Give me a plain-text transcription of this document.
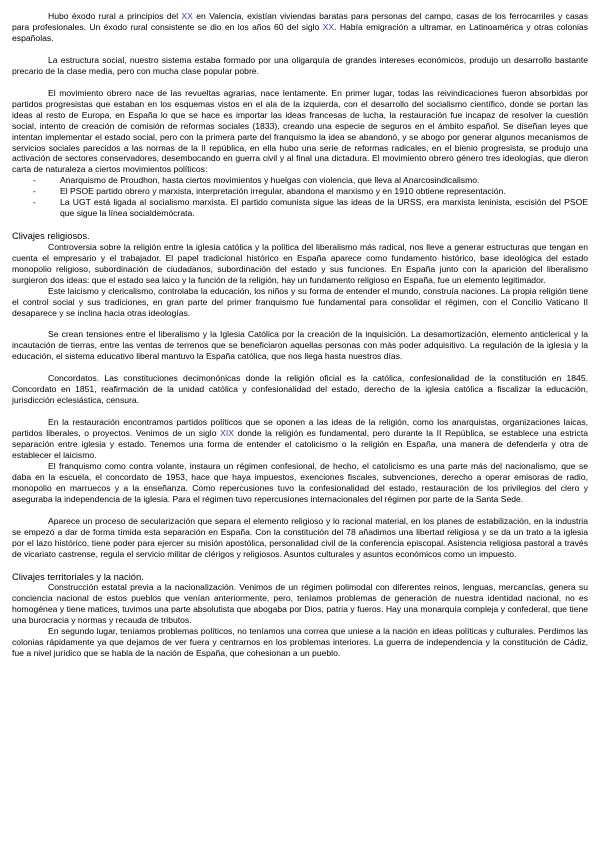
Hubo éxodo rural a principios del XX en Valencia, existían viviendas baratas para personas del campo, casas de los ferrocarriles y casas para profesionales. Un éxodo rural consistente se dio en los años 60 del siglo XX. Había emigración a ultramar, en Latinoamérica y otras colonias españolas.

La estructura social, nuestro sistema estaba formado por una oligarquía de grandes intereses económicos, produjo un desarrollo bastante precario de la clase media, pero con mucha clase popular pobre.

El movimiento obrero nace de las revueltas agrarias, nace lentamente. En primer lugar, todas las reivindicaciones fueron absorbidas por partidos progresistas que estaban en los esquemas vistos en el ala de la izquierda, con el desarrollo del socialismo científico, donde se portan las ideas al resto de Europa, en España lo que se hace es importar las ideas francesas de lucha, la restauración fue incapaz de resolver la cuestión social, intento de creación de comisión de reformas sociales (1833), creando una especie de seguros en el ámbito español. Se diseñan leyes que intentan implementar el estado social, pero con la primera parte del franquismo la idea se abandonó, y se abogo por generar algunos mecanismos de servicios sociales parecidos a las normas de la II república, en ella hubo una serie de reformas radicales, en el bienio progresista, se produjo una activación de sectores conservadores, desembocando en guerra civil y al final una dictadura. El movimiento obrero género tres ideologías, que dieron carta de naturaleza a ciertos movimientos políticos:

-	Anarquismo de Proudhon, hasta ciertos movimientos y huelgas con violencia, que lleva al Anarcosindicalismo.
-	El PSOE partido obrero y marxista, interpretación irregular, abandona el marxismo y en 1910 obtiene representación.
-	La UGT está ligada al socialismo marxista. El partido comunista sigue las ideas de la URSS, era marxista leninista, escisión del PSOE que sigue la línea socialdemócrata.

Clivajes religiosos.

Controversia sobre la religión entre la iglesia católica y la política del liberalismo más radical, nos lleve a generar estructuras que tengan en cuenta el empresario y el trabajador. El papel tradicional histórico en España aparece como fundamento histórico, base ideológica del estado monopolio religioso, subordinación de ciudadanos, subordinación del estado y sus funciones. En España junto con la aparición del liberalismo surgieron dos ideas: que el estado sea laico y la función de la religión, hay un fundamento religioso en España, fue un elemento legitimador.

Este laicismo y clericalismo, controlaba la educación, los niños y su forma de entender el mundo, construía naciones. La propia religión tiene el control social y sus tradiciones, en gran parte del primer franquismo fue fundamental para consolidar el régimen, con el Concilio Vaticano II desaparece y se inclina hacia otras ideologías.

Se crean tensiones entre el liberalismo y la Iglesia Católica por la creación de la inquisición. La desamortización, elemento anticlerical y la incautación de tierras, entre las ventas de terrenos que se beneficiaron aquellas personas con más poder adquisitivo. La regulación de la iglesia y la educación, el sistema educativo liberal mantuvo la España católica, que nos llega hasta nuestros días.

Concordatos. Las constituciones decimonónicas donde la religión oficial es la católica, confesionalidad de la constitución en 1845. Concordato en 1851, reafirmación de la unidad católica y confesionalidad del estado, derecho de la iglesia católica a fiscalizar la educación, jurisdicción eclesiástica, censura.

En la restauración encontramos partidos políticos que se oponen a las ideas de la religión, como los anarquistas, organizaciones laicas, partidos liberales, o proyectos. Venimos de un siglo XIX donde la religión es fundamental, pero durante la II República, se establece una estricta separación entre iglesia y estado. Tenemos una forma de entender el catolicismo o la religión en España, una manera de defenderla y otra de establecer el laicismo.

El franquismo como contra volante, instaura un régimen confesional, de hecho, el catolicismo es una parte más del nacionalismo, que se daba en la escuela, el concordato de 1953, hace que haya impuestos, exenciones fiscales, subvenciones, derecho a operar emisoras de radio, monopolio en marruecos y a la enseñanza. Como repercusiones tuvo la confesionalidad del estado, restauración de los privilegios del clero y aseguraba la independencia de la iglesia. Para el régimen tuvo repercusiones internacionales del régimen por parte de la Santa Sede.

Aparece un proceso de secularización que separa el elemento religioso y lo racional material, en los planes de estabilización, en la industria se empezó a dar de forma tímida esta separación en España. Con la constitución del 78 añadimos una libertad religiosa y se da un trato a la iglesia por el lazo histórico, tiene poder para ejercer su misión apostólica, personalidad civil de la conferencia episcopal. Asistencia religiosa pastoral a través de vicariato castrense, regula el servicio militar de clérigos y religiosos. Asuntos culturales y asuntos económicos como un impuesto.

Clivajes territoriales y la nación.

Construcción estatal previa a la nacionalización. Venimos de un régimen polimodal con diferentes reinos, lenguas, mercancías, genera su conciencia nacional de estos pueblos que venían anteriormente, pero, teníamos problemas de generación de nuestra identidad nacional, no es homogénea y tiene matices, tuvimos una parte absolutista que abogaba por Dios, patria y fueros. Hay una monarquía compleja y confederal, que tiene una burocracia y normas y recauda de tributos.

En segundo lugar, teníamos problemas políticos, no teníamos una correa que uniese a la nación en ideas políticas y culturales. Perdimos las colonias rápidamente ya que dejamos de ver fuera y centrarnos en los problemas interiores. La guerra de independencia y la constitución de Cádiz, fue a nivel jurídico que se habla de la nación de España, que cohesionan a un pueblo.
